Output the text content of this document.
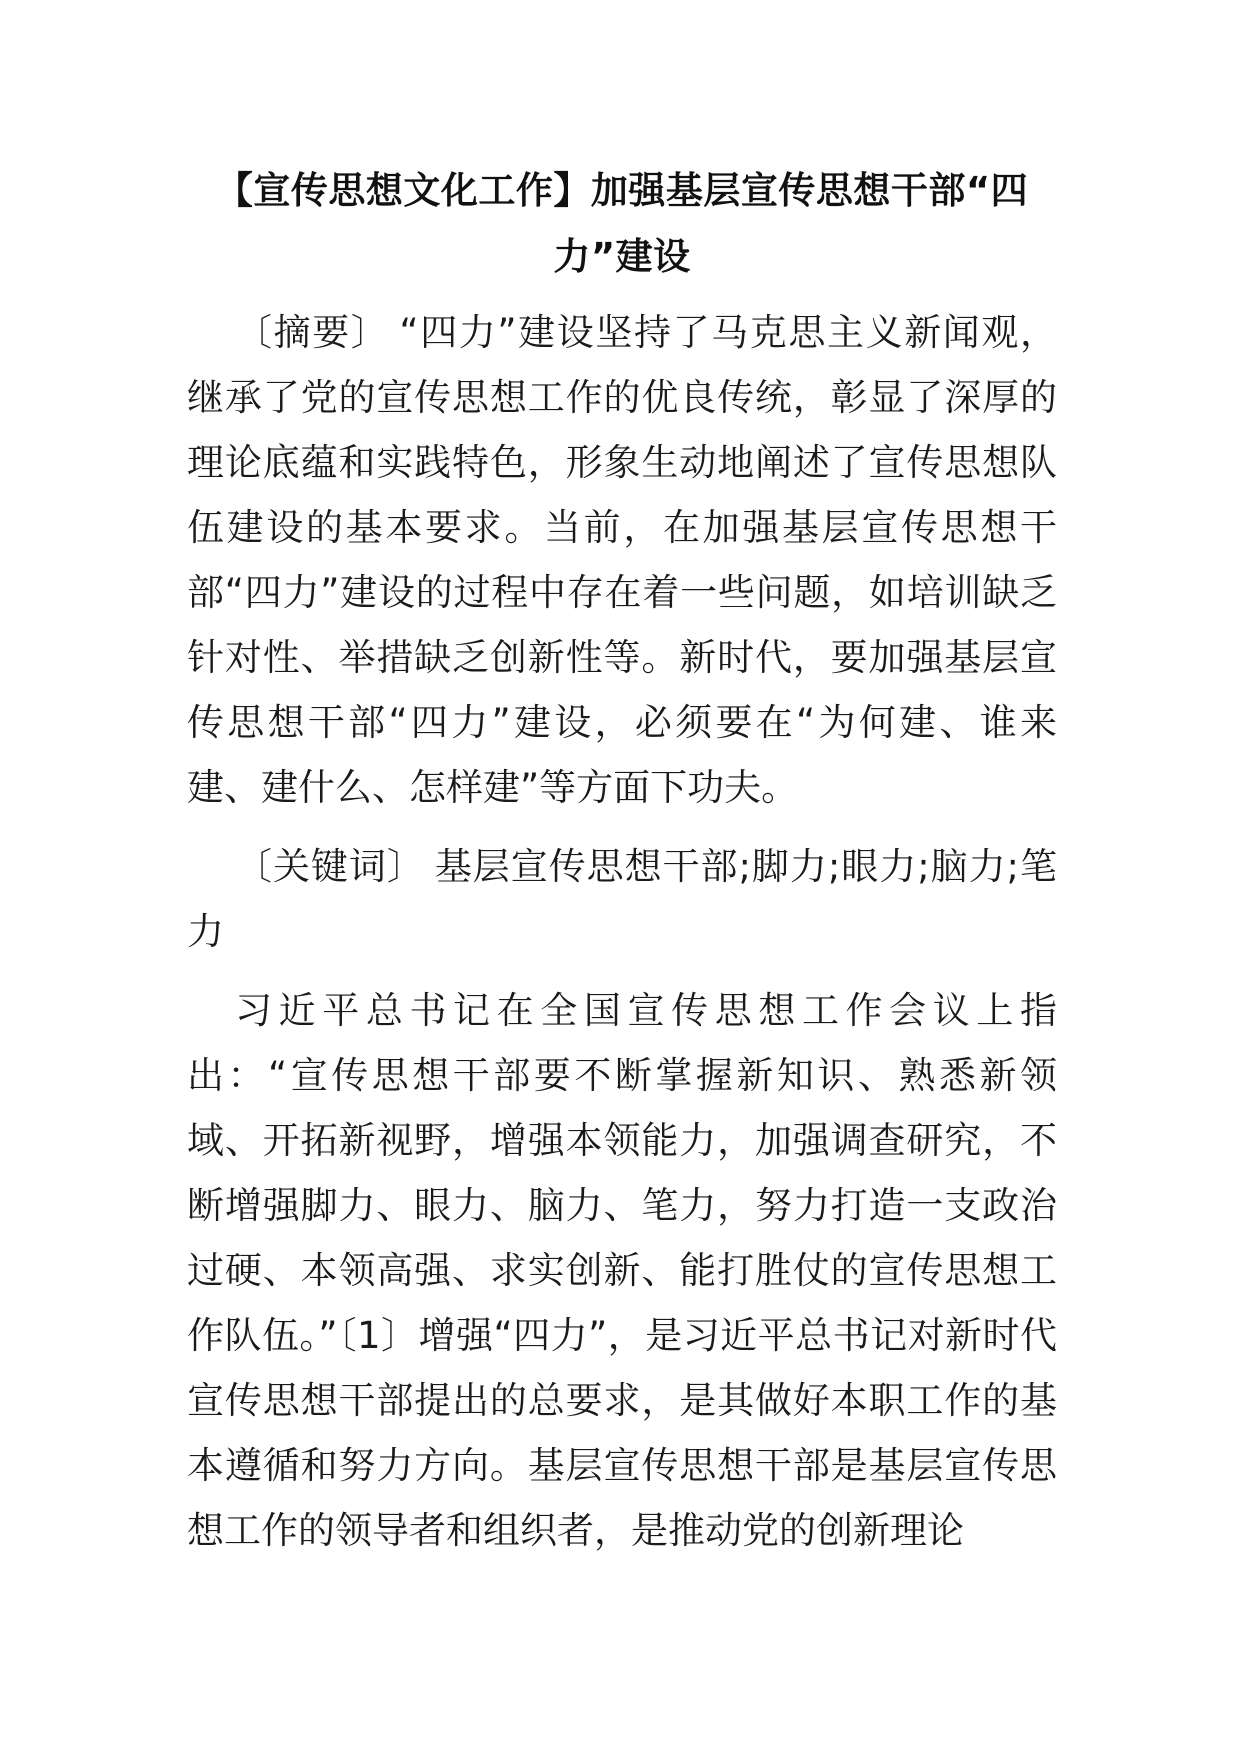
【宣传思想文化工作】加强基层宣传思想干部“四力”建设

〔摘要〕 “四力”建设坚持了马克思主义新闻观，继承了党的宣传思想工作的优良传统，彰显了深厚的理论底蕴和实践特色，形象生动地阐述了宣传思想队伍建设的基本要求。当前，在加强基层宣传思想干部“四力”建设的过程中存在着一些问题，如培训缺乏针对性、举措缺乏创新性等。新时代，要加强基层宣传思想干部“四力”建设，必须要在“为何建、谁来建、建什么、怎样建”等方面下功夫。

〔关键词〕 基层宣传思想干部;脚力;眼力;脑力;笔力

习近平总书记在全国宣传思想工作会议上指出：“宣传思想干部要不断掌握新知识、熟悉新领域、开拓新视野，增强本领能力，加强调查研究，不断增强脚力、眼力、脑力、笔力，努力打造一支政治过硬、本领高强、求实创新、能打胜仗的宣传思想工作队伍。”〔1〕增强“四力”，是习近平总书记对新时代宣传思想干部提出的总要求，是其做好本职工作的基本遵循和努力方向。基层宣传思想干部是基层宣传思想工作的领导者和组织者，是推动党的创新理论
